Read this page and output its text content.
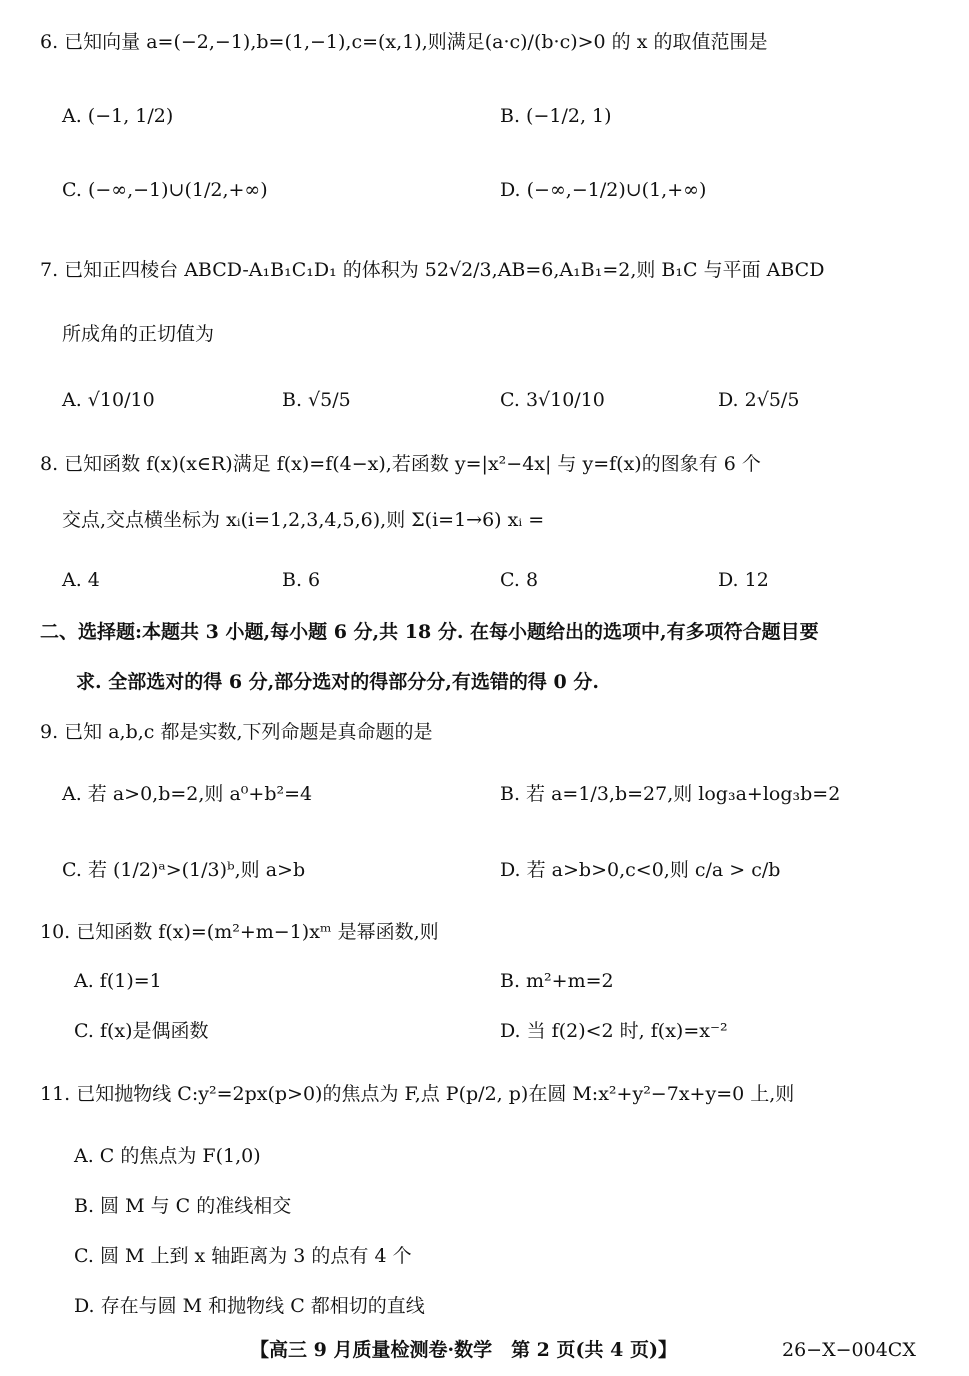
6. 已知向量 a=(−2,−1),b=(1,−1),c=(x,1),则满足(a·c)/(b·c)>0 的 x 的取值范围是
A. (−1, 1/2)	B. (−1/2, 1)
C. (−∞,−1)∪(1/2,+∞)	D. (−∞,−1/2)∪(1,+∞)
7. 已知正四棱台 ABCD-A₁B₁C₁D₁ 的体积为 52√2/3,AB=6,A₁B₁=2,则 B₁C 与平面 ABCD
所成角的正切值为
A. √10/10	B. √5/5	C. 3√10/10	D. 2√5/5
8. 已知函数 f(x)(x∈R)满足 f(x)=f(4−x),若函数 y=|x²−4x| 与 y=f(x)的图象有 6 个
交点,交点横坐标为 xᵢ(i=1,2,3,4,5,6),则 Σ(i=1→6) xᵢ =
A. 4	B. 6	C. 8	D. 12
二、选择题:本题共 3 小题,每小题 6 分,共 18 分. 在每小题给出的选项中,有多项符合题目要
求. 全部选对的得 6 分,部分选对的得部分分,有选错的得 0 分.
9. 已知 a,b,c 都是实数,下列命题是真命题的是
A. 若 a>0,b=2,则 a⁰+b²=4	B. 若 a=1/3,b=27,则 log₃a+log₃b=2
C. 若 (1/2)ᵃ>(1/3)ᵇ,则 a>b	D. 若 a>b>0,c<0,则 c/a > c/b
10. 已知函数 f(x)=(m²+m−1)xᵐ 是幂函数,则
A. f(1)=1	B. m²+m=2
C. f(x)是偶函数	D. 当 f(2)<2 时, f(x)=x⁻²
11. 已知抛物线 C:y²=2px(p>0)的焦点为 F,点 P(p/2, p)在圆 M:x²+y²−7x+y=0 上,则
A. C 的焦点为 F(1,0)
B. 圆 M 与 C 的准线相交
C. 圆 M 上到 x 轴距离为 3 的点有 4 个
D. 存在与圆 M 和抛物线 C 都相切的直线
【高三 9 月质量检测卷·数学　第 2 页(共 4 页)】	26−X−004CX
